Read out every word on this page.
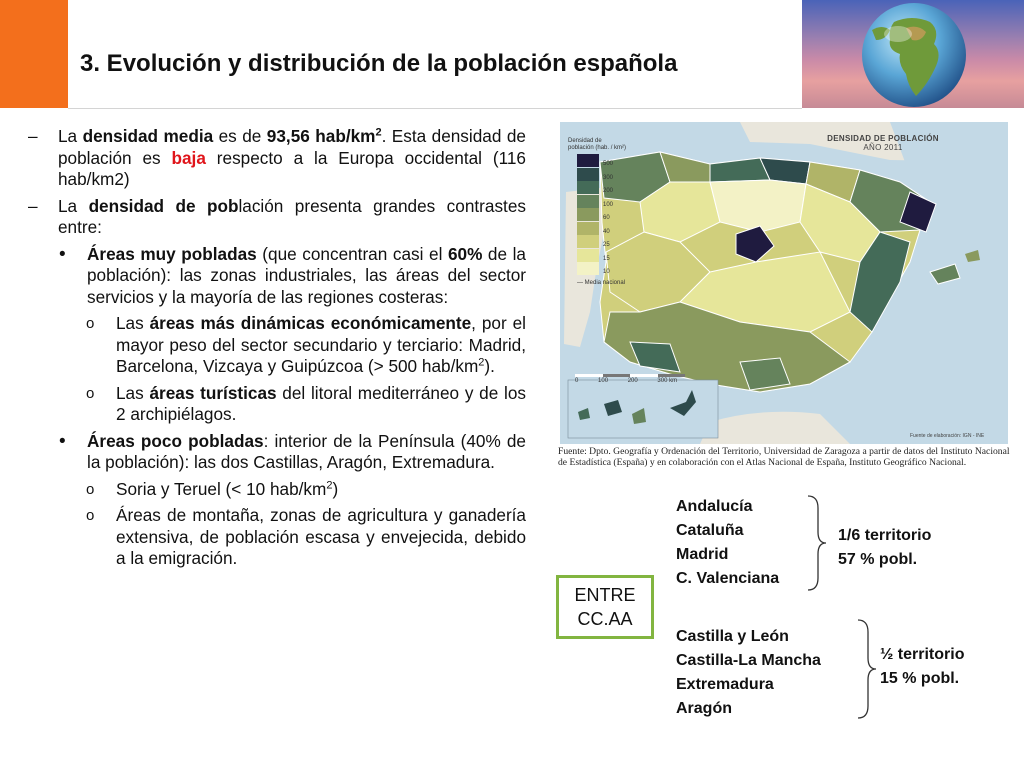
3. Evolución y distribución de la población española
– La densidad media es de 93,56 hab/$km^2$. Esta densidad de población es baja respecto a la Europa occidental (116 hab/km2)
– La densidad de población presenta grandes contrastes entre:
• Áreas muy pobladas (que concentran casi el 60% de la población): las zonas industriales, las áreas del sector servicios y la mayoría de las regiones costeras:
o Las áreas más dinámicas económicamente, por el mayor peso del sector secundario y terciario: Madrid, Barcelona, Vizcaya y Guipúzcoa (> 500 hab/$km^2$).
o Las áreas turísticas del litoral mediterráneo y de los 2 archipiélagos.
• Áreas poco pobladas: interior de la Península (40% de la población): las dos Castillas, Aragón, Extremadura.
o Soria y Teruel (< 10 hab/$km^2$)
o Áreas de montaña, zonas de agricultura y ganadería extensiva, de población escasa y envejecida, debido a la emigración.
DENSIDAD DE POBLACIÓN
AÑO 2011
Densidad de población (hab. / km²)
500
300
200
100
60
40
25
15
10
— Media nacional
0	100	200	300 km
Fuente de elaboración: IGN - INE
Fuente: Dpto. Geografía y Ordenación del Territorio, Universidad de Zaragoza a partir de datos del Instituto Nacional de Estadística (España) y en colaboración con el Atlas Nacional de España, Instituto Geográfico Nacional.
ENTRE
CC.AA
Andalucía
Cataluña
Madrid
C. Valenciana
1/6 territorio
57 % pobl.
Castilla y León
Castilla-La Mancha
Extremadura
Aragón
½ territorio
15 % pobl.
